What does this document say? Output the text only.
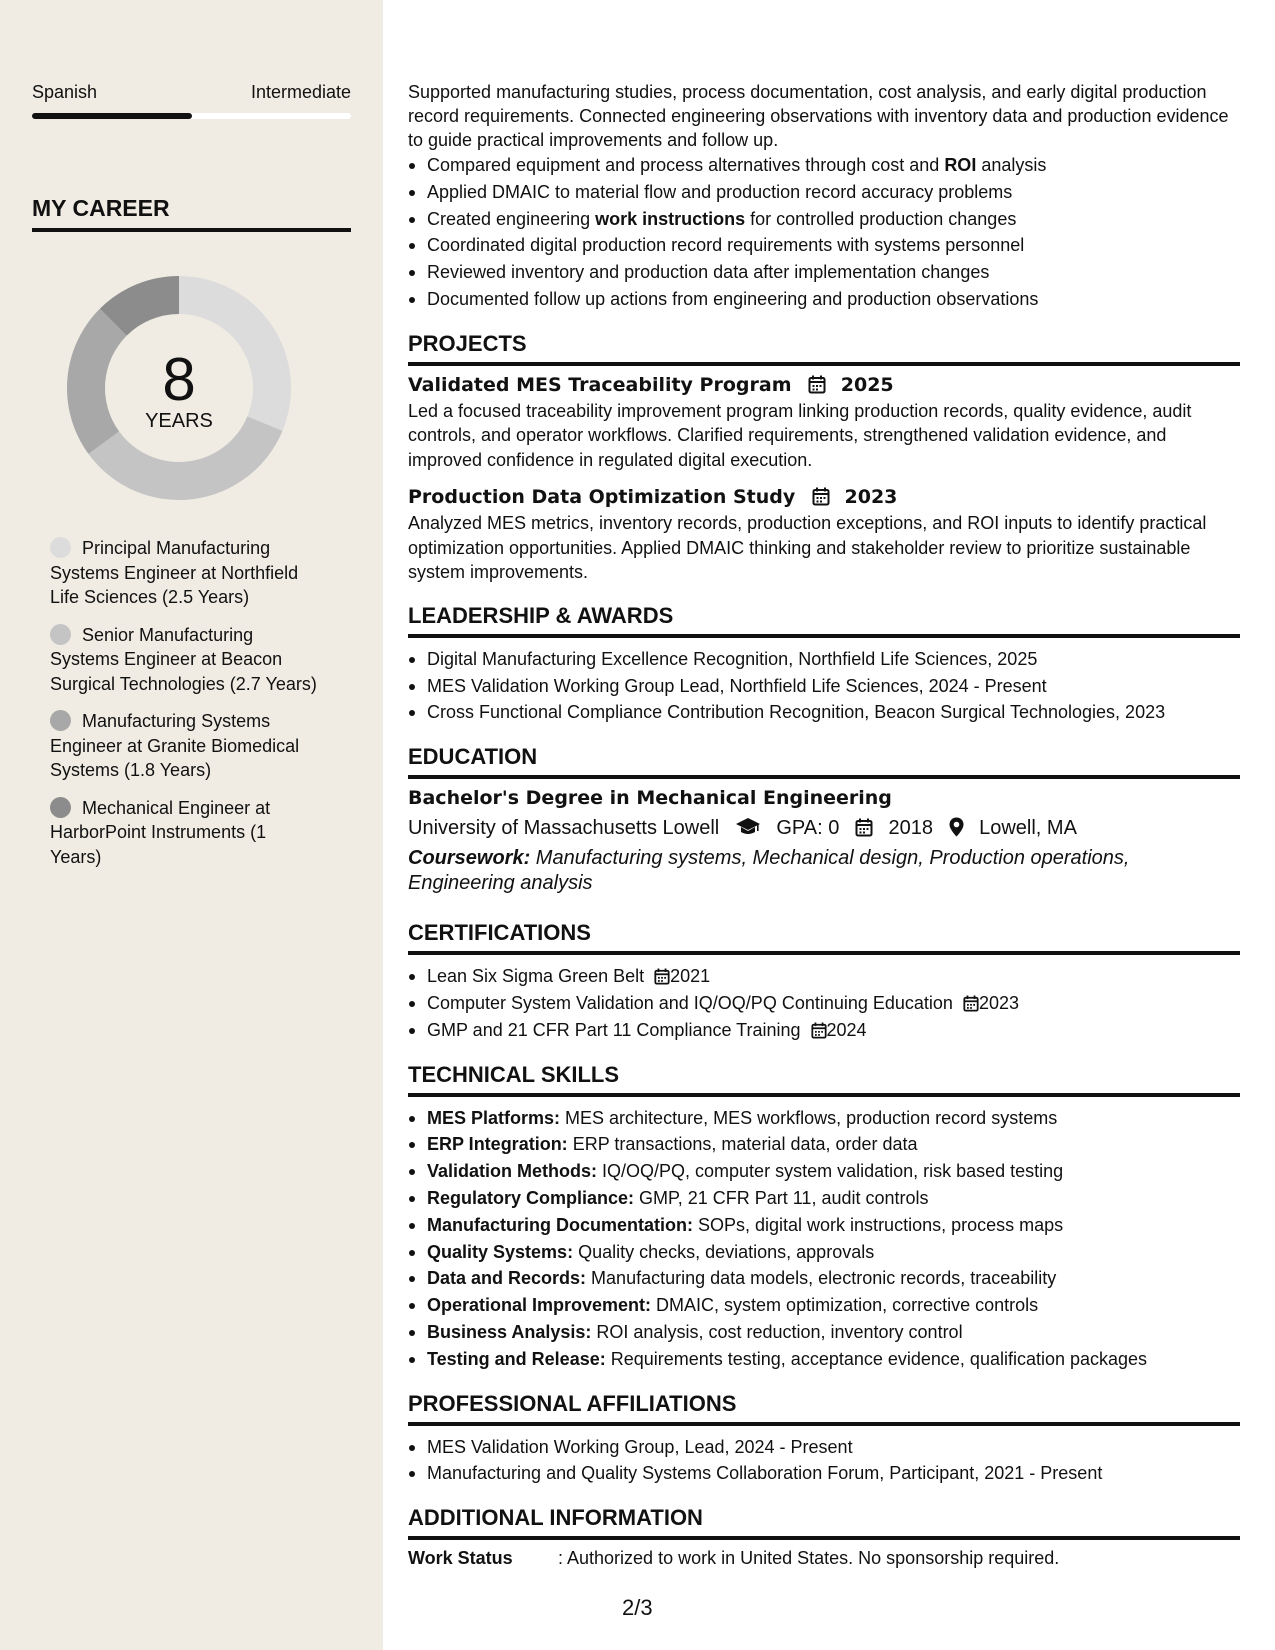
Spanish	Intermediate
MY CAREER
8
YEARS
Principal Manufacturing Systems Engineer at Northfield Life Sciences (2.5 Years)
Senior Manufacturing Systems Engineer at Beacon Surgical Technologies (2.7 Years)
Manufacturing Systems Engineer at Granite Biomedical Systems (1.8 Years)
Mechanical Engineer at HarborPoint Instruments (1 Years)

Supported manufacturing studies, process documentation, cost analysis, and early digital production record requirements. Connected engineering observations with inventory data and production evidence to guide practical improvements and follow up.

Compared equipment and process alternatives through cost and ROI analysis
Applied DMAIC to material flow and production record accuracy problems
Created engineering work instructions for controlled production changes
Coordinated digital production record requirements with systems personnel
Reviewed inventory and production data after implementation changes
Documented follow up actions from engineering and production observations
PROJECTS
Validated MES Traceability Program	2025

Led a focused traceability improvement program linking production records, quality evidence, audit controls, and operator workflows. Clarified requirements, strengthened validation evidence, and improved confidence in regulated digital execution.

Production Data Optimization Study	2023

Analyzed MES metrics, inventory records, production exceptions, and ROI inputs to identify practical optimization opportunities. Applied DMAIC thinking and stakeholder review to prioritize sustainable system improvements.

LEADERSHIP & AWARDS
Digital Manufacturing Excellence Recognition, Northfield Life Sciences, 2025
MES Validation Working Group Lead, Northfield Life Sciences, 2024 - Present
Cross Functional Compliance Contribution Recognition, Beacon Surgical Technologies, 2023
EDUCATION
Bachelor's Degree in Mechanical Engineering
University of Massachusetts Lowell	GPA: 0 2018 Lowell, MA

Coursework: Manufacturing systems, Mechanical design, Production operations, Engineering analysis

CERTIFICATIONS
Lean Six Sigma Green Belt 2021
Computer System Validation and IQ/OQ/PQ Continuing Education 2023
GMP and 21 CFR Part 11 Compliance Training 2024
TECHNICAL SKILLS
MES Platforms: MES architecture, MES workflows, production record systems
ERP Integration: ERP transactions, material data, order data
Validation Methods: IQ/OQ/PQ, computer system validation, risk based testing
Regulatory Compliance: GMP, 21 CFR Part 11, audit controls
Manufacturing Documentation: SOPs, digital work instructions, process maps
Quality Systems: Quality checks, deviations, approvals
Data and Records: Manufacturing data models, electronic records, traceability
Operational Improvement: DMAIC, system optimization, corrective controls
Business Analysis: ROI analysis, cost reduction, inventory control
Testing and Release: Requirements testing, acceptance evidence, qualification packages
PROFESSIONAL AFFILIATIONS
MES Validation Working Group, Lead, 2024 - Present
Manufacturing and Quality Systems Collaboration Forum, Participant, 2021 - Present
ADDITIONAL INFORMATION
Work Status	: Authorized to work in United States. No sponsorship required.
2/3
